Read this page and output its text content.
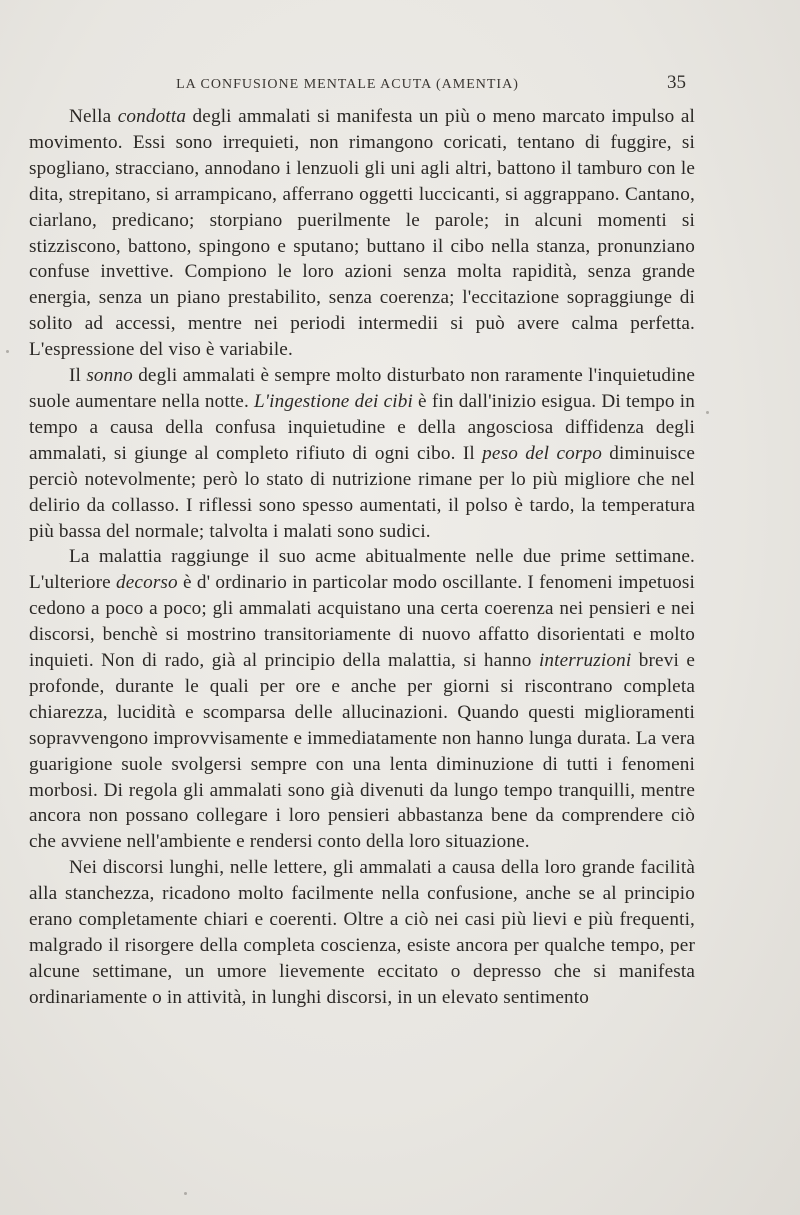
LA CONFUSIONE MENTALE ACUTA (AMENTIA)	35

Nella condotta degli ammalati si manifesta un più o meno marcato impulso al movimento. Essi sono irrequieti, non rimangono coricati, tentano di fuggire, si spogliano, stracciano, annodano i lenzuoli gli uni agli altri, battono il tamburo con le dita, strepitano, si arrampicano, afferrano oggetti luccicanti, si aggrappano. Cantano, ciarlano, predicano; storpiano puerilmente le parole; in alcuni momenti si stizziscono, battono, spingono e sputano; buttano il cibo nella stanza, pronunziano confuse invettive. Compiono le loro azioni senza molta rapidità, senza grande energia, senza un piano prestabilito, senza coerenza; l'eccitazione sopraggiunge di solito ad accessi, mentre nei periodi intermedii si può avere calma perfetta. L'espressione del viso è variabile.

Il sonno degli ammalati è sempre molto disturbato non raramente l'inquietudine suole aumentare nella notte. L'ingestione dei cibi è fin dall'inizio esigua. Di tempo in tempo a causa della confusa inquietudine e della angosciosa diffidenza degli ammalati, si giunge al completo rifiuto di ogni cibo. Il peso del corpo diminuisce perciò notevolmente; però lo stato di nutrizione rimane per lo più migliore che nel delirio da collasso. I riflessi sono spesso aumentati, il polso è tardo, la temperatura più bassa del normale; talvolta i malati sono sudici.

La malattia raggiunge il suo acme abitualmente nelle due prime settimane. L'ulteriore decorso è d' ordinario in particolar modo oscillante. I fenomeni impetuosi cedono a poco a poco; gli ammalati acquistano una certa coerenza nei pensieri e nei discorsi, benchè si mostrino transitoriamente di nuovo affatto disorientati e molto inquieti. Non di rado, già al principio della malattia, si hanno interruzioni brevi e profonde, durante le quali per ore e anche per giorni si riscontrano completa chiarezza, lucidità e scomparsa delle allucinazioni. Quando questi miglioramenti sopravvengono improvvisamente e immediatamente non hanno lunga durata. La vera guarigione suole svolgersi sempre con una lenta diminuzione di tutti i fenomeni morbosi. Di regola gli ammalati sono già divenuti da lungo tempo tranquilli, mentre ancora non possano collegare i loro pensieri abbastanza bene da comprendere ciò che avviene nell'ambiente e rendersi conto della loro situazione.

Nei discorsi lunghi, nelle lettere, gli ammalati a causa della loro grande facilità alla stanchezza, ricadono molto facilmente nella confusione, anche se al principio erano completamente chiari e coerenti. Oltre a ciò nei casi più lievi e più frequenti, malgrado il risorgere della completa coscienza, esiste ancora per qualche tempo, per alcune settimane, un umore lievemente eccitato o depresso che si manifesta ordinariamente o in attività, in lunghi discorsi, in un elevato sentimento
